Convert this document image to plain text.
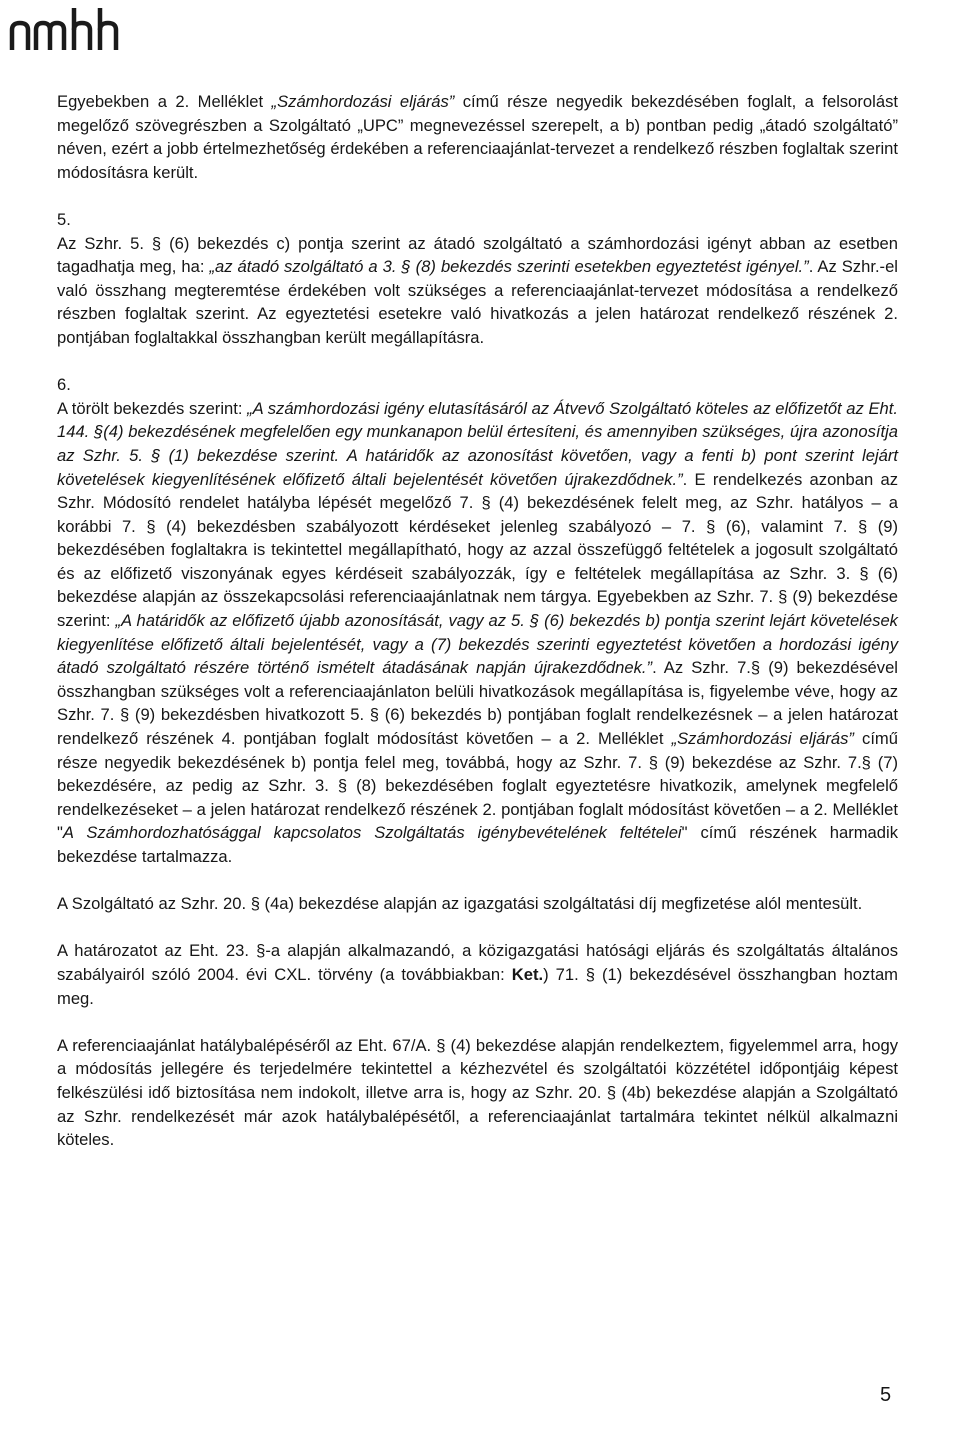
Egyebekben a 2. Melléklet „Számhordozási eljárás” című része negyedik bekezdésében foglalt, a felsorolást megelőző szövegrészben a Szolgáltató „UPC” megnevezéssel szerepelt, a b) pontban pedig „átadó szolgáltató” néven, ezért a jobb értelmezhetőség érdekében a referenciaajánlat-tervezet a rendelkező részben foglaltak szerint módosításra került.

5.

Az Szhr. 5. § (6) bekezdés c) pontja szerint az átadó szolgáltató a számhordozási igényt abban az esetben tagadhatja meg, ha: „az átadó szolgáltató a 3. § (8) bekezdés szerinti esetekben egyeztetést igényel.”. Az Szhr.-el való összhang megteremtése érdekében volt szükséges a referenciaajánlat-tervezet módosítása a rendelkező részben foglaltak szerint. Az egyeztetési esetekre való hivatkozás a jelen határozat rendelkező részének 2. pontjában foglaltakkal összhangban került megállapításra.

6.

A törölt bekezdés szerint: „A számhordozási igény elutasításáról az Átvevő Szolgáltató köteles az előfizetőt az Eht. 144. §(4) bekezdésének megfelelően egy munkanapon belül értesíteni, és amennyiben szükséges, újra azonosítja az Szhr. 5. § (1) bekezdése szerint. A határidők az azonosítást követően, vagy a fenti b) pont szerint lejárt követelések kiegyenlítésének előfizető általi bejelentését követően újrakezdődnek.”. E rendelkezés azonban az Szhr. Módosító rendelet hatályba lépését megelőző 7. § (4) bekezdésének felelt meg, az Szhr. hatályos – a korábbi 7. § (4) bekezdésben szabályozott kérdéseket jelenleg szabályozó – 7. § (6), valamint 7. § (9) bekezdésében foglaltakra is tekintettel megállapítható, hogy az azzal összefüggő feltételek a jogosult szolgáltató és az előfizető viszonyának egyes kérdéseit szabályozzák, így e feltételek megállapítása az Szhr. 3. § (6) bekezdése alapján az összekapcsolási referenciaajánlatnak nem tárgya. Egyebekben az Szhr. 7. § (9) bekezdése szerint: „A határidők az előfizető újabb azonosítását, vagy az 5. § (6) bekezdés b) pontja szerint lejárt követelések kiegyenlítése előfizető általi bejelentését, vagy a (7) bekezdés szerinti egyeztetést követően a hordozási igény átadó szolgáltató részére történő ismételt átadásának napján újrakezdődnek.”. Az Szhr. 7.§ (9) bekezdésével összhangban szükséges volt a referenciaajánlaton belüli hivatkozások megállapítása is, figyelembe véve, hogy az Szhr. 7. § (9) bekezdésben hivatkozott 5. § (6) bekezdés b) pontjában foglalt rendelkezésnek – a jelen határozat rendelkező részének 4. pontjában foglalt módosítást követően – a 2. Melléklet „Számhordozási eljárás” című része negyedik bekezdésének b) pontja felel meg, továbbá, hogy az Szhr. 7. § (9) bekezdése az Szhr. 7.§ (7) bekezdésére, az pedig az Szhr. 3. § (8) bekezdésében foglalt egyeztetésre hivatkozik, amelynek megfelelő rendelkezéseket – a jelen határozat rendelkező részének 2. pontjában foglalt módosítást követően – a 2. Melléklet "A Számhordozhatósággal kapcsolatos Szolgáltatás igénybevételének feltételei" című részének harmadik bekezdése tartalmazza.

A Szolgáltató az Szhr. 20. § (4a) bekezdése alapján az igazgatási szolgáltatási díj megfizetése alól mentesült.

A határozatot az Eht. 23. §-a alapján alkalmazandó, a közigazgatási hatósági eljárás és szolgáltatás általános szabályairól szóló 2004. évi CXL. törvény (a továbbiakban: Ket.) 71. § (1) bekezdésével összhangban hoztam meg.

A referenciaajánlat hatálybalépéséről az Eht. 67/A. § (4) bekezdése alapján rendelkeztem, figyelemmel arra, hogy a módosítás jellegére és terjedelmére tekintettel a kézhezvétel és szolgáltatói közzététel időpontjáig képest felkészülési idő biztosítása nem indokolt, illetve arra is, hogy az Szhr. 20. § (4b) bekezdése alapján a Szolgáltató az Szhr. rendelkezését már azok hatálybalépésétől, a referenciaajánlat tartalmára tekintet nélkül alkalmazni köteles.

5
